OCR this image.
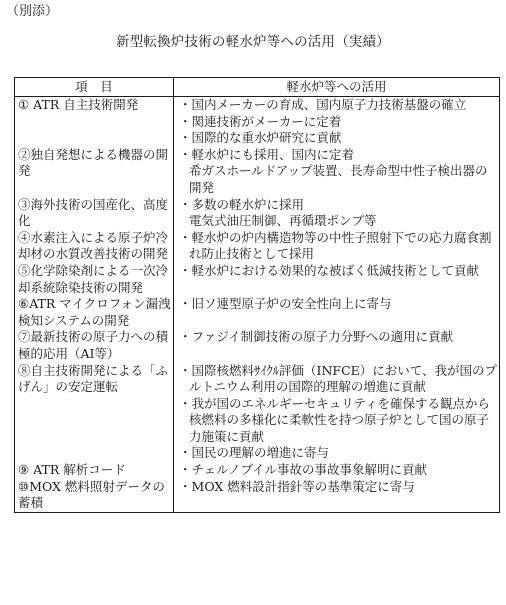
（別添）
新型転換炉技術の軽水炉等への活用（実績）
項　目	軽水炉等への活用
① ATR 自主技術開発	・国内メーカーの育成、国内原子力技術基盤の確立
・関連技術がメーカーに定着
・国際的な重水炉研究に貢献

②独自発想による機器の開発	・軽水炉にも採用、国内に定着
希ガスホールドアップ装置、長寿命型中性子検出器の開発

③海外技術の国産化、高度化	・多数の軽水炉に採用
電気式油圧制御、再循環ポンプ等

④水素注入による原子炉冷却材の水質改善技術の開発	・軽水炉の炉内構造物等の中性子照射下での応力腐食割れ防止技術として採用

⑤化学除染剤による一次冷却系統除染技術の開発	・軽水炉における効果的な被ばく低減技術として貢献

⑥ATR マイクロフォン漏洩検知システムの開発	・旧ソ連型原子炉の安全性向上に寄与

⑦最新技術の原子力への積極的応用（AI等）	・ファジイ制御技術の原子力分野への適用に貢献

⑧自主技術開発による「ふげん」の安定運転	・国際核燃料ｻｲｸﾙ評価（INFCE）において、我が国のプルトニウム利用の国際的理解の増進に貢献
・我が国のエネルギーセキュリティを確保する観点から核燃料の多様化に柔軟性を持つ原子炉として国の原子力施策に貢献
・国民の理解の増進に寄与

⑨ ATR 解析コード	・チェルノブイル事故の事故事象解明に貢献

⑩MOX 燃料照射データの蓄積	・MOX 燃料設計指針等の基準策定に寄与
